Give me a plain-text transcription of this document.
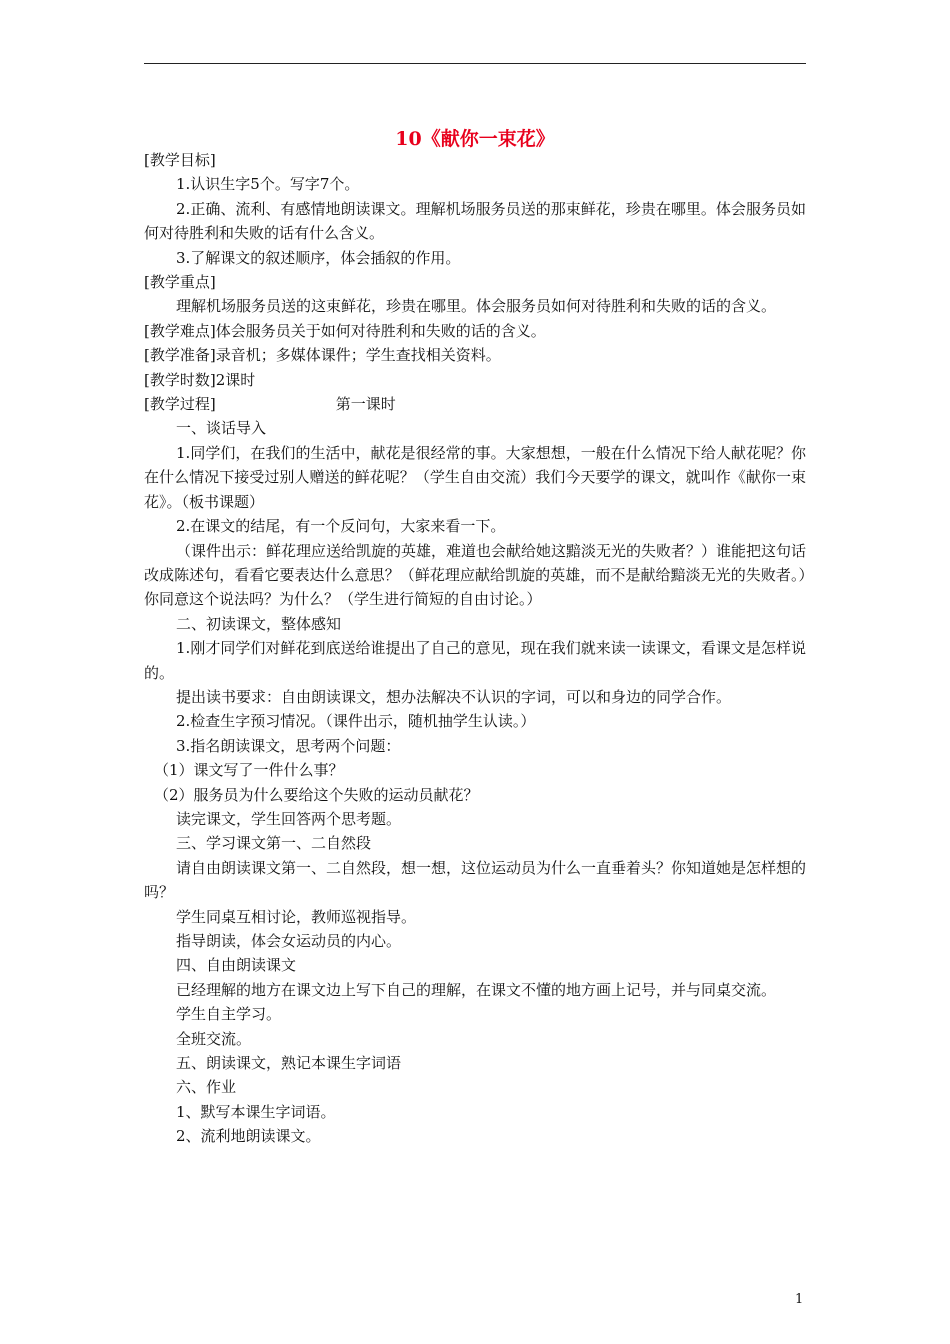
10《献你一束花》

[教学目标]

1.认识生字5个。写字7个。

2.正确、流利、有感情地朗读课文。理解机场服务员送的那束鲜花，珍贵在哪里。体会服务员如何对待胜利和失败的话有什么含义。

3.了解课文的叙述顺序，体会插叙的作用。

[教学重点]

理解机场服务员送的这束鲜花，珍贵在哪里。体会服务员如何对待胜利和失败的话的含义。

[教学难点]体会服务员关于如何对待胜利和失败的话的含义。

[教学准备]录音机；多媒体课件；学生查找相关资料。

[教学时数]2课时

[教学过程]	第一课时

一、谈话导入

1.同学们，在我们的生活中，献花是很经常的事。大家想想，一般在什么情况下给人献花呢？你在什么情况下接受过别人赠送的鲜花呢？（学生自由交流）我们今天要学的课文，就叫作《献你一束花》。（板书课题）

2.在课文的结尾，有一个反问句，大家来看一下。

（课件出示：鲜花理应送给凯旋的英雄，难道也会献给她这黯淡无光的失败者？）谁能把这句话改成陈述句，看看它要表达什么意思？（鲜花理应献给凯旋的英雄，而不是献给黯淡无光的失败者。）你同意这个说法吗？为什么？（学生进行简短的自由讨论。）

二、初读课文，整体感知

1.刚才同学们对鲜花到底送给谁提出了自己的意见，现在我们就来读一读课文，看课文是怎样说的。

提出读书要求：自由朗读课文，想办法解决不认识的字词，可以和身边的同学合作。

2.检查生字预习情况。（课件出示，随机抽学生认读。）

3.指名朗读课文，思考两个问题：

（1）课文写了一件什么事？

（2）服务员为什么要给这个失败的运动员献花？

读完课文，学生回答两个思考题。

三、学习课文第一、二自然段

请自由朗读课文第一、二自然段，想一想，这位运动员为什么一直垂着头？你知道她是怎样想的吗？

学生同桌互相讨论，教师巡视指导。

指导朗读，体会女运动员的内心。

四、自由朗读课文

已经理解的地方在课文边上写下自己的理解，在课文不懂的地方画上记号，并与同桌交流。

学生自主学习。

全班交流。

五、朗读课文，熟记本课生字词语

六、作业

1、默写本课生字词语。

2、流利地朗读课文。

1
